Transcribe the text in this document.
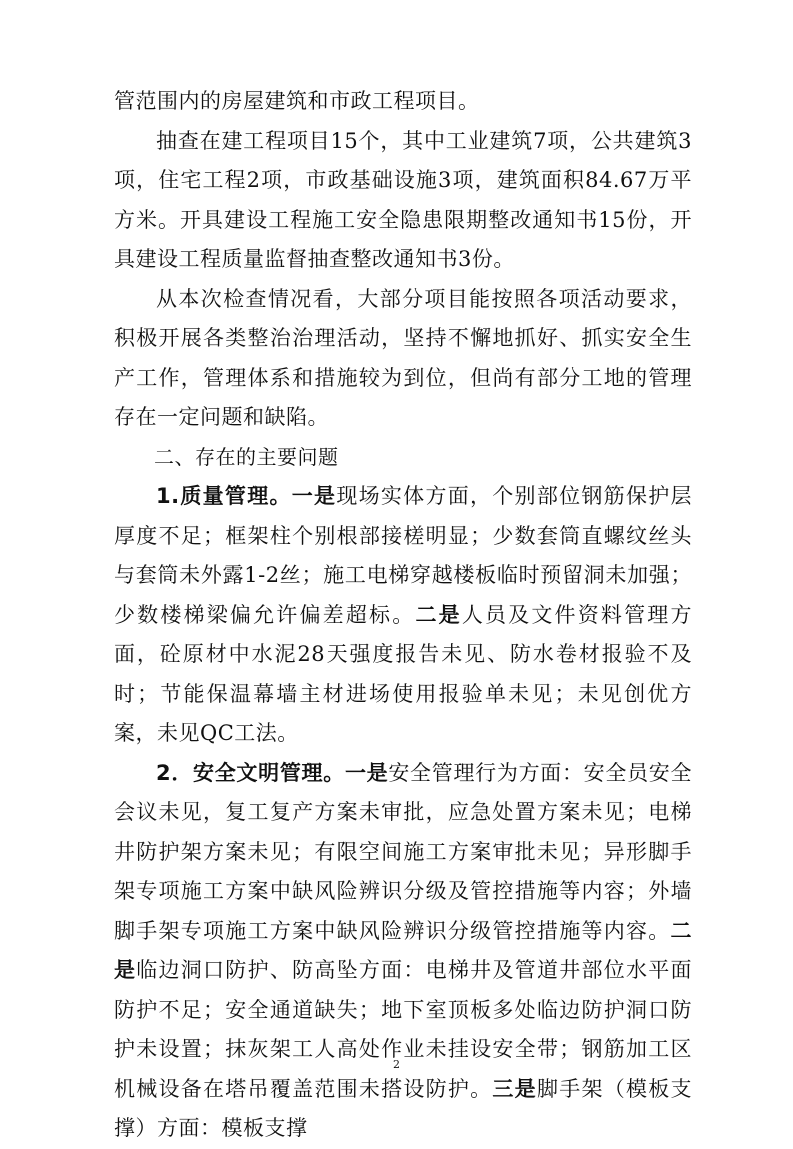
管范围内的房屋建筑和市政工程项目。

抽查在建工程项目15个，其中工业建筑7项，公共建筑3项，住宅工程2项，市政基础设施3项，建筑面积84.67万平方米。开具建设工程施工安全隐患限期整改通知书15份，开具建设工程质量监督抽查整改通知书3份。

从本次检查情况看，大部分项目能按照各项活动要求，积极开展各类整治治理活动，坚持不懈地抓好、抓实安全生产工作，管理体系和措施较为到位，但尚有部分工地的管理存在一定问题和缺陷。

二、存在的主要问题

1.质量管理。一是现场实体方面，个别部位钢筋保护层厚度不足；框架柱个别根部接槎明显；少数套筒直螺纹丝头与套筒未外露1-2丝；施工电梯穿越楼板临时预留洞未加强；少数楼梯梁偏允许偏差超标。二是人员及文件资料管理方面，砼原材中水泥28天强度报告未见、防水卷材报验不及时；节能保温幕墙主材进场使用报验单未见；未见创优方案，未见QC工法。

2．安全文明管理。一是安全管理行为方面：安全员安全会议未见，复工复产方案未审批，应急处置方案未见；电梯井防护架方案未见；有限空间施工方案审批未见；异形脚手架专项施工方案中缺风险辨识分级及管控措施等内容；外墙脚手架专项施工方案中缺风险辨识分级管控措施等内容。二是临边洞口防护、防高坠方面：电梯井及管道井部位水平面防护不足；安全通道缺失；地下室顶板多处临边防护洞口防护未设置；抹灰架工人高处作业未挂设安全带；钢筋加工区机械设备在塔吊覆盖范围未搭设防护。三是脚手架（模板支撑）方面：模板支撑

2
